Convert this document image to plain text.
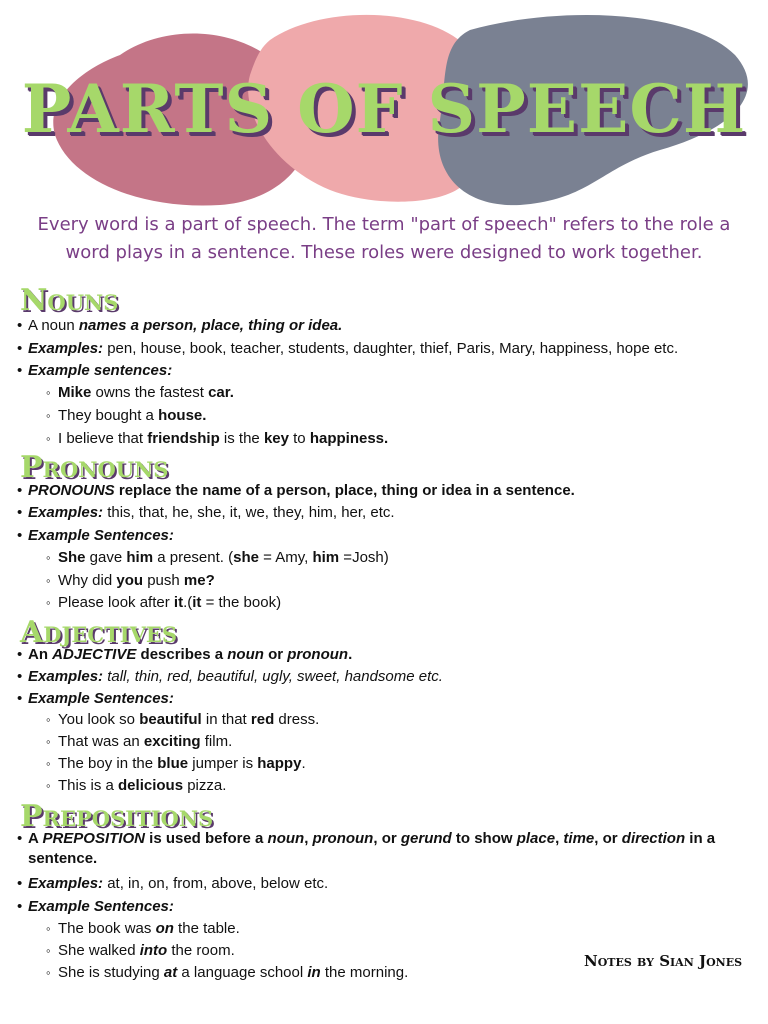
PARTS OF SPEECH

Every word is a part of speech. The term "part of speech" refers to the role a word plays in a sentence. These roles were designed to work together.

Nouns
• A noun names a person, place, thing or idea.
• Examples: pen, house, book, teacher, students, daughter, thief, Paris, Mary, happiness, hope etc.
• Example sentences:
◦ Mike owns the fastest car.
◦ They bought a house.
◦ I believe that friendship is the key to happiness.
Pronouns
• PRONOUNS replace the name of a person, place, thing or idea in a sentence.
• Examples: this, that, he, she, it, we, they, him, her, etc.
• Example Sentences:
◦ She gave him a present. (she = Amy, him =Josh)
◦ Why did you push me?
◦ Please look after it.(it = the book)
Adjectives
• An ADJECTIVE describes a noun or pronoun.
• Examples: tall, thin, red, beautiful, ugly, sweet, handsome etc.
• Example Sentences:
◦ You look so beautiful in that red dress.
◦ That was an exciting film.
◦ The boy in the blue jumper is happy.
◦ This is a delicious pizza.
Prepositions
• A PREPOSITION is used before a noun, pronoun, or gerund to show place, time, or direction in a sentence.
• Examples: at, in, on, from, above, below etc.
• Example Sentences:
◦ The book was on the table.
◦ She walked into the room.
◦ She is studying at a language school in the morning.

Notes by Sian Jones
